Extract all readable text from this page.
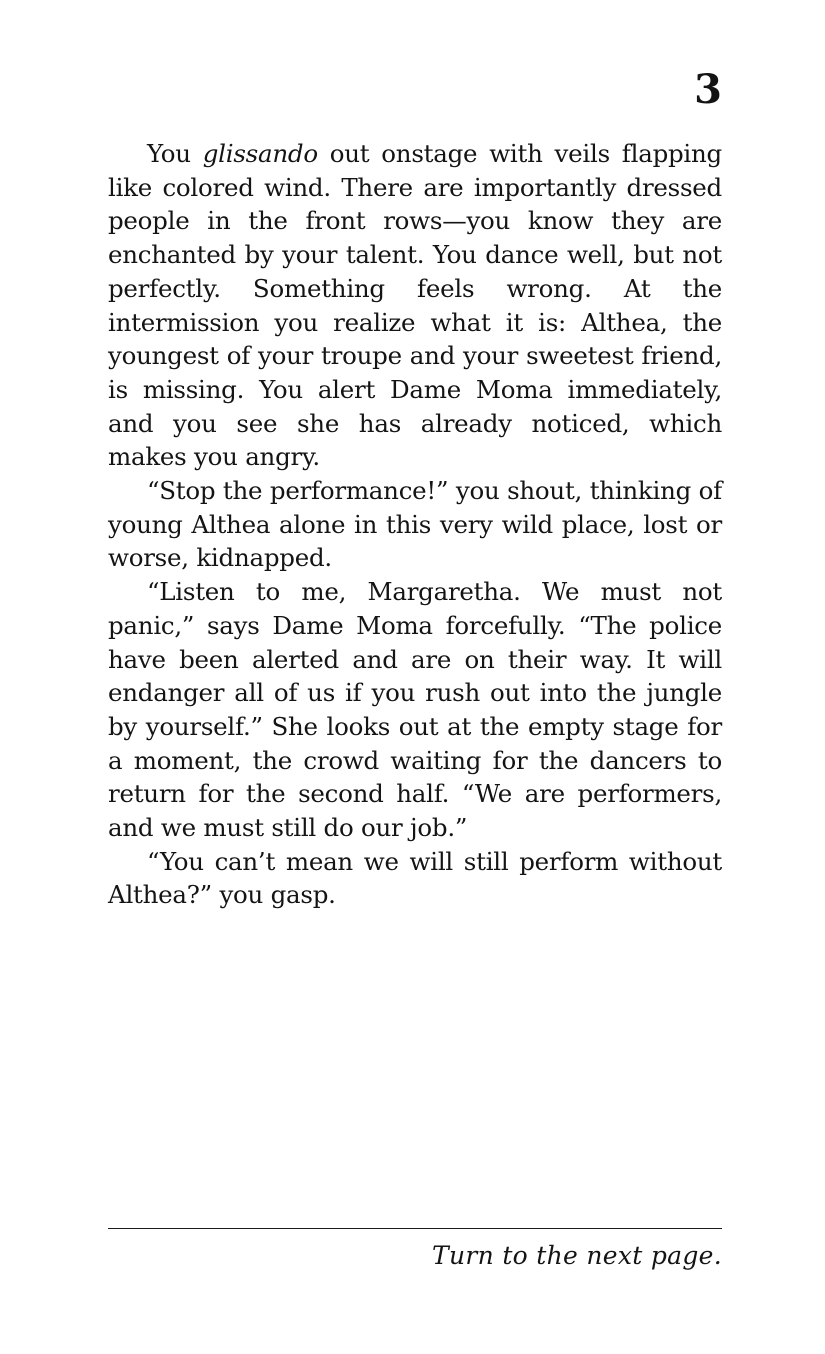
3

You glissando out onstage with veils flapping like colored wind. There are importantly dressed people in the front rows—you know they are enchanted by your talent. You dance well, but not perfectly. Something feels wrong. At the intermission you realize what it is: Althea, the youngest of your troupe and your sweetest friend, is missing. You alert Dame Moma immediately, and you see she has already noticed, which makes you angry.

“Stop the performance!” you shout, thinking of young Althea alone in this very wild place, lost or worse, kidnapped.

“Listen to me, Margaretha. We must not panic,” says Dame Moma forcefully. “The police have been alerted and are on their way. It will endanger all of us if you rush out into the jungle by yourself.” She looks out at the empty stage for a moment, the crowd waiting for the dancers to return for the second half. “We are performers, and we must still do our job.”

“You can’t mean we will still perform without Althea?” you gasp.

Turn to the next page.
